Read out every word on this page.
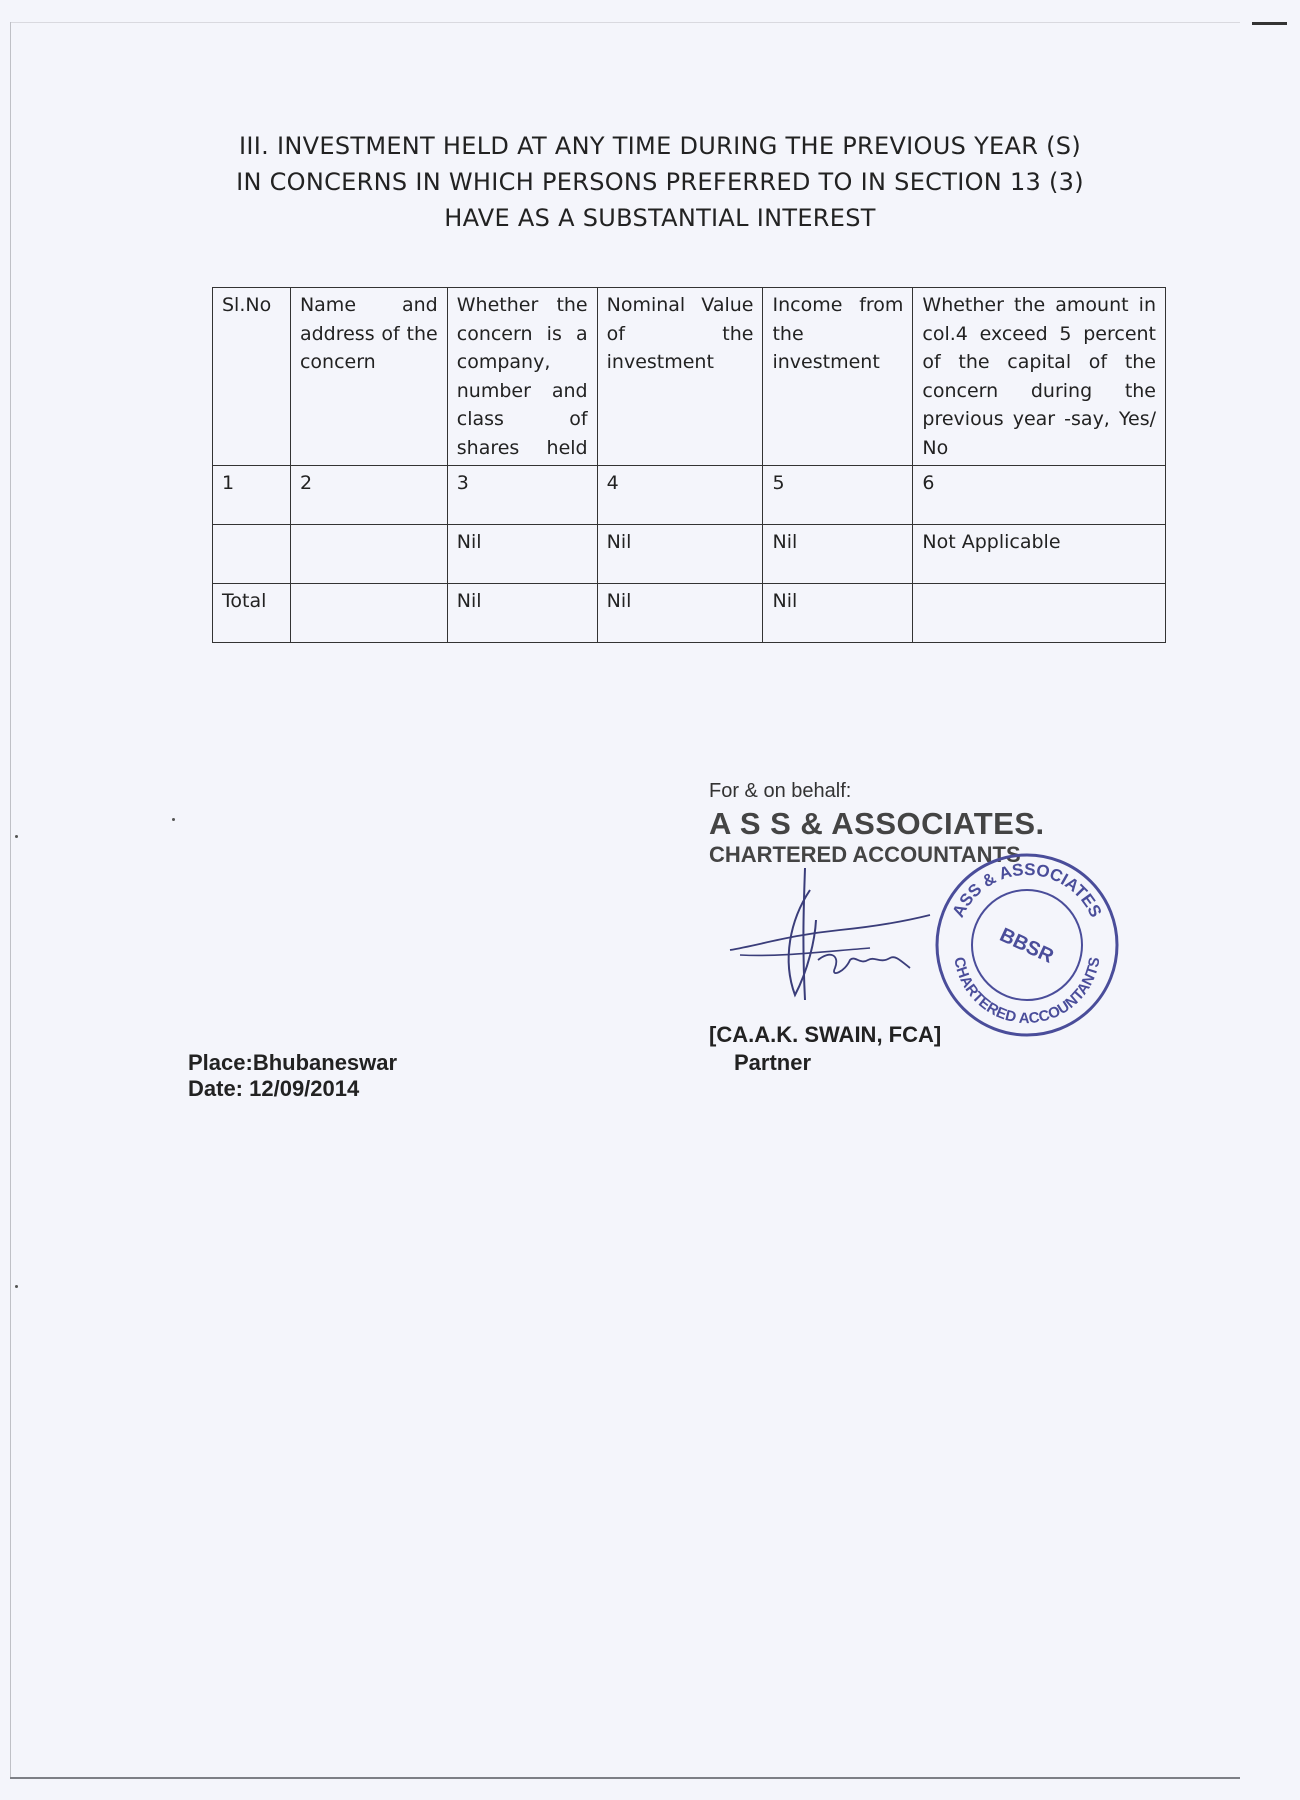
III. INVESTMENT HELD AT ANY TIME DURING THE PREVIOUS YEAR (S)
IN CONCERNS IN WHICH PERSONS PREFERRED TO IN SECTION 13 (3)
HAVE AS A SUBSTANTIAL INTEREST
Sl.No	Name and address of the concern	Whether the concern is a company, number and class of shares held	Nominal Value of the investment	Income from the investment	Whether the amount in col.4 exceed 5 percent of the capital of the concern during the previous year -say, Yes/ No
1	2	3	4	5	6
		Nil	Nil	Nil	Not Applicable
Total		Nil	Nil	Nil	
For & on behalf:
A S S & ASSOCIATES.
CHARTERED ACCOUNTANTS
[CA.A.K. SWAIN, FCA]
Partner
ASS & ASSOCIATES
CHARTERED ACCOUNTANTS
BBSR
Place:Bhubaneswar
Date: 12/09/2014
